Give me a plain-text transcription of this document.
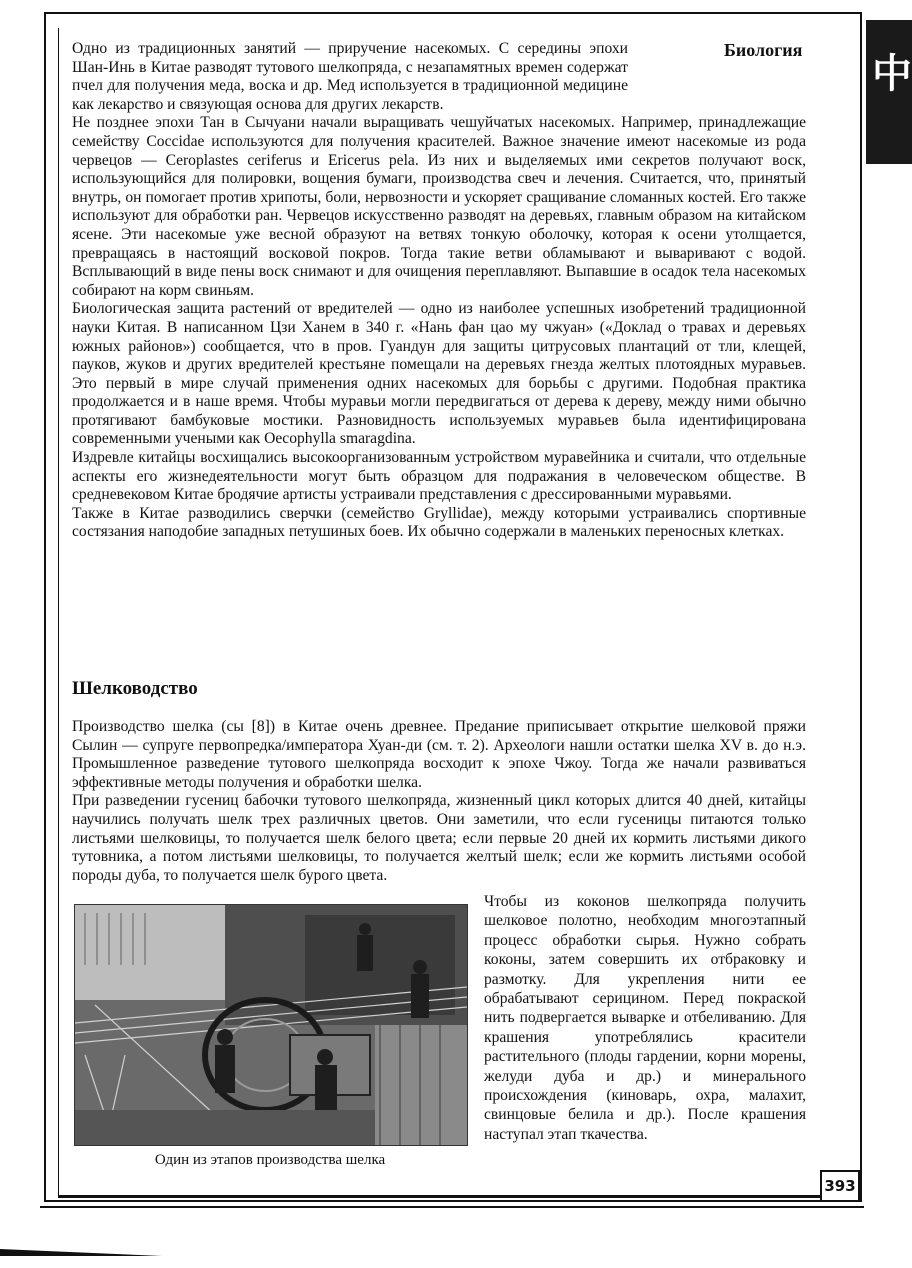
中
Биология

Одно из традиционных занятий — приручение насекомых. С середины эпохи Шан-Инь в Китае разводят тутового шелкопряда, с незапамятных времен содержат пчел для получения меда, воска и др. Мед используется в традиционной медицине как лекарство и связующая основа для других лекарств.

Не позднее эпохи Тан в Сычуани начали выращивать чешуйчатых насекомых. Например, принадлежащие семейству Coccidae используются для получения красителей. Важное значение имеют насекомые из рода червецов — Ceroplastes ceriferus и Ericerus pela. Из них и выделяемых ими секретов получают воск, использующийся для полировки, вощения бумаги, производства свеч и лечения. Считается, что, принятый внутрь, он помогает против хрипоты, боли, нервозности и ускоряет сращивание сломанных костей. Его также используют для обработки ран. Червецов искусственно разводят на деревьях, главным образом на китайском ясене. Эти насекомые уже весной образуют на ветвях тонкую оболочку, которая к осени утолщается, превращаясь в настоящий восковой покров. Тогда такие ветви обламывают и вываривают с водой. Всплывающий в виде пены воск снимают и для очищения переплавляют. Выпавшие в осадок тела насекомых собирают на корм свиньям.

Биологическая защита растений от вредителей — одно из наиболее успешных изобретений традиционной науки Китая. В написанном Цзи Ханем в 340 г. «Нань фан цао му чжуан» («Доклад о травах и деревьях южных районов») сообщается, что в пров. Гуандун для защиты цитрусовых плантаций от тли, клещей, пауков, жуков и других вредителей крестьяне помещали на деревьях гнезда желтых плотоядных муравьев. Это первый в мире случай применения одних насекомых для борьбы с другими. Подобная практика продолжается и в наше время. Чтобы муравьи могли передвигаться от дерева к дереву, между ними обычно протягивают бамбуковые мостики. Разновидность используемых муравьев была идентифицирована современными учеными как Oecophylla smaragdina.

Издревле китайцы восхищались высокоорганизованным устройством муравейника и считали, что отдельные аспекты его жизнедеятельности могут быть образцом для подражания в человеческом обществе. В средневековом Китае бродячие артисты устраивали представления с дрессированными муравьями.

Также в Китае разводились сверчки (семейство Gryllidae), между которыми устраивались спортивные состязания наподобие западных петушиных боев. Их обычно содержали в маленьких переносных клетках.

Шелководство

Производство шелка (сы [8]) в Китае очень древнее. Предание приписывает открытие шелковой пряжи Сылин — супруге первопредка/императора Хуан-ди (см. т. 2). Археологи нашли остатки шелка XV в. до н.э. Промышленное разведение тутового шелкопряда восходит к эпохе Чжоу. Тогда же начали развиваться эффективные методы получения и обработки шелка.

При разведении гусениц бабочки тутового шелкопряда, жизненный цикл которых длится 40 дней, китайцы научились получать шелк трех различных цветов. Они заметили, что если гусеницы питаются только листьями шелковицы, то получается шелк белого цвета; если первые 20 дней их кормить листьями дикого тутовника, а потом листьями шелковицы, то получается желтый шелк; если же кормить листьями особой породы дуба, то получается шелк бурого цвета.

Один из этапов производства шелка

Чтобы из коконов шелкопряда получить шелковое полотно, необходим многоэтапный процесс обработки сырья. Нужно собрать коконы, затем совершить их отбраковку и размотку. Для укрепления нити ее обрабатывают серицином. Перед покраской нить подвергается вываркe и отбеливанию. Для крашения употреблялись красители растительного (плоды гардении, корни морены, желуди дуба и др.) и минерального происхождения (киноварь, охра, малахит, свинцовые белила и др.). После крашения наступал этап ткачества.

393
